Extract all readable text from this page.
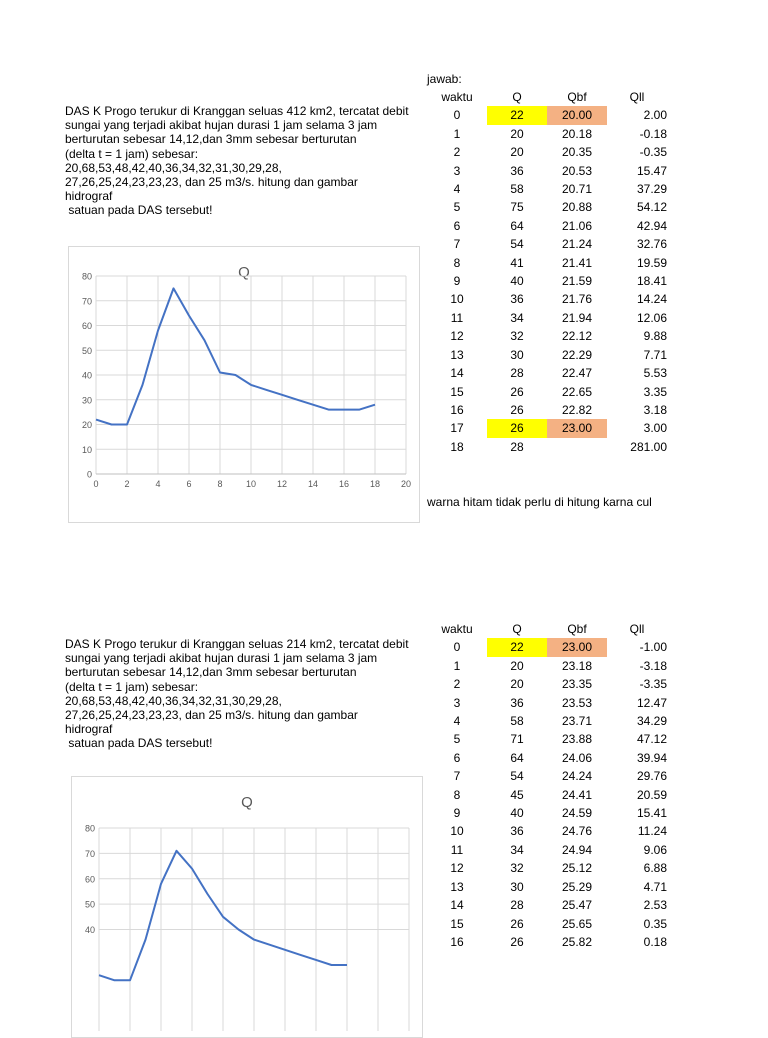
jawab:
DAS K Progo terukur di Kranggan seluas 412 km2, tercatat debit
sungai yang terjadi akibat hujan durasi 1 jam selama 3 jam
berturutan sebesar 14,12,dan 3mm sebesar berturutan
(delta t = 1 jam) sebesar:
20,68,53,48,42,40,36,34,32,31,30,29,28,
27,26,25,24,23,23,23, dan 25 m3/s. hitung dan gambar
hidrograf
satuan pada DAS tersebut!
waktu	Q	Qbf	Qll
0	22	20.00	2.00
1	20	20.18	-0.18
2	20	20.35	-0.35
3	36	20.53	15.47
4	58	20.71	37.29
5	75	20.88	54.12
6	64	21.06	42.94
7	54	21.24	32.76
8	41	21.41	19.59
9	40	21.59	18.41
10	36	21.76	14.24
11	34	21.94	12.06
12	32	22.12	9.88
13	30	22.29	7.71
14	28	22.47	5.53
15	26	22.65	3.35
16	26	22.82	3.18
17	26	23.00	3.00
18	28		281.00
Q
0
10
20
30
40
50
60
70
80
0	2	4	6	8	10 12 14 16 18 20
warna hitam tidak perlu di hitung karna cul
DAS K Progo terukur di Kranggan seluas 214 km2, tercatat debit
sungai yang terjadi akibat hujan durasi 1 jam selama 3 jam
berturutan sebesar 14,12,dan 3mm sebesar berturutan
(delta t = 1 jam) sebesar:
20,68,53,48,42,40,36,34,32,31,30,29,28,
27,26,25,24,23,23,23, dan 25 m3/s. hitung dan gambar
hidrograf
satuan pada DAS tersebut!
waktu	Q	Qbf	Qll
0	22	23.00	-1.00
1	20	23.18	-3.18
2	20	23.35	-3.35
3	36	23.53	12.47
4	58	23.71	34.29
5	71	23.88	47.12
6	64	24.06	39.94
7	54	24.24	29.76
8	45	24.41	20.59
9	40	24.59	15.41
10	36	24.76	11.24
11	34	24.94	9.06
12	32	25.12	6.88
13	30	25.29	4.71
14	28	25.47	2.53
15	26	25.65	0.35
16	26	25.82	0.18
Q
40
50
60
70
80
